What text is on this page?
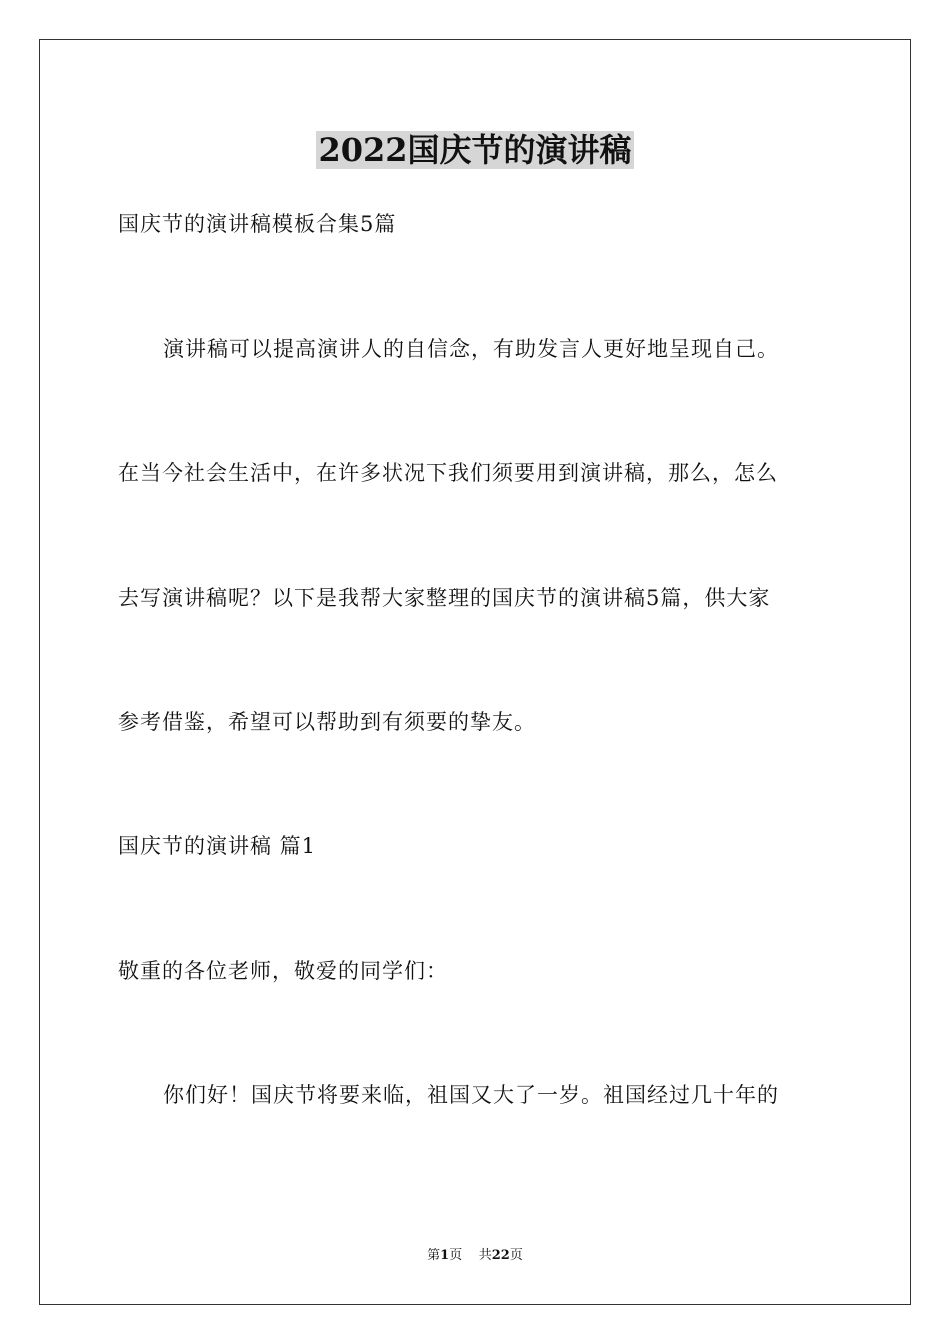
2022国庆节的演讲稿
国庆节的演讲稿模板合集5篇
演讲稿可以提高演讲人的自信念，有助发言人更好地呈现自己。
在当今社会生活中，在许多状况下我们须要用到演讲稿，那么，怎么
去写演讲稿呢？以下是我帮大家整理的国庆节的演讲稿5篇，供大家
参考借鉴，希望可以帮助到有须要的挚友。
国庆节的演讲稿 篇1
敬重的各位老师，敬爱的同学们：
你们好！国庆节将要来临，祖国又大了一岁。祖国经过几十年的
第1页 共22页
